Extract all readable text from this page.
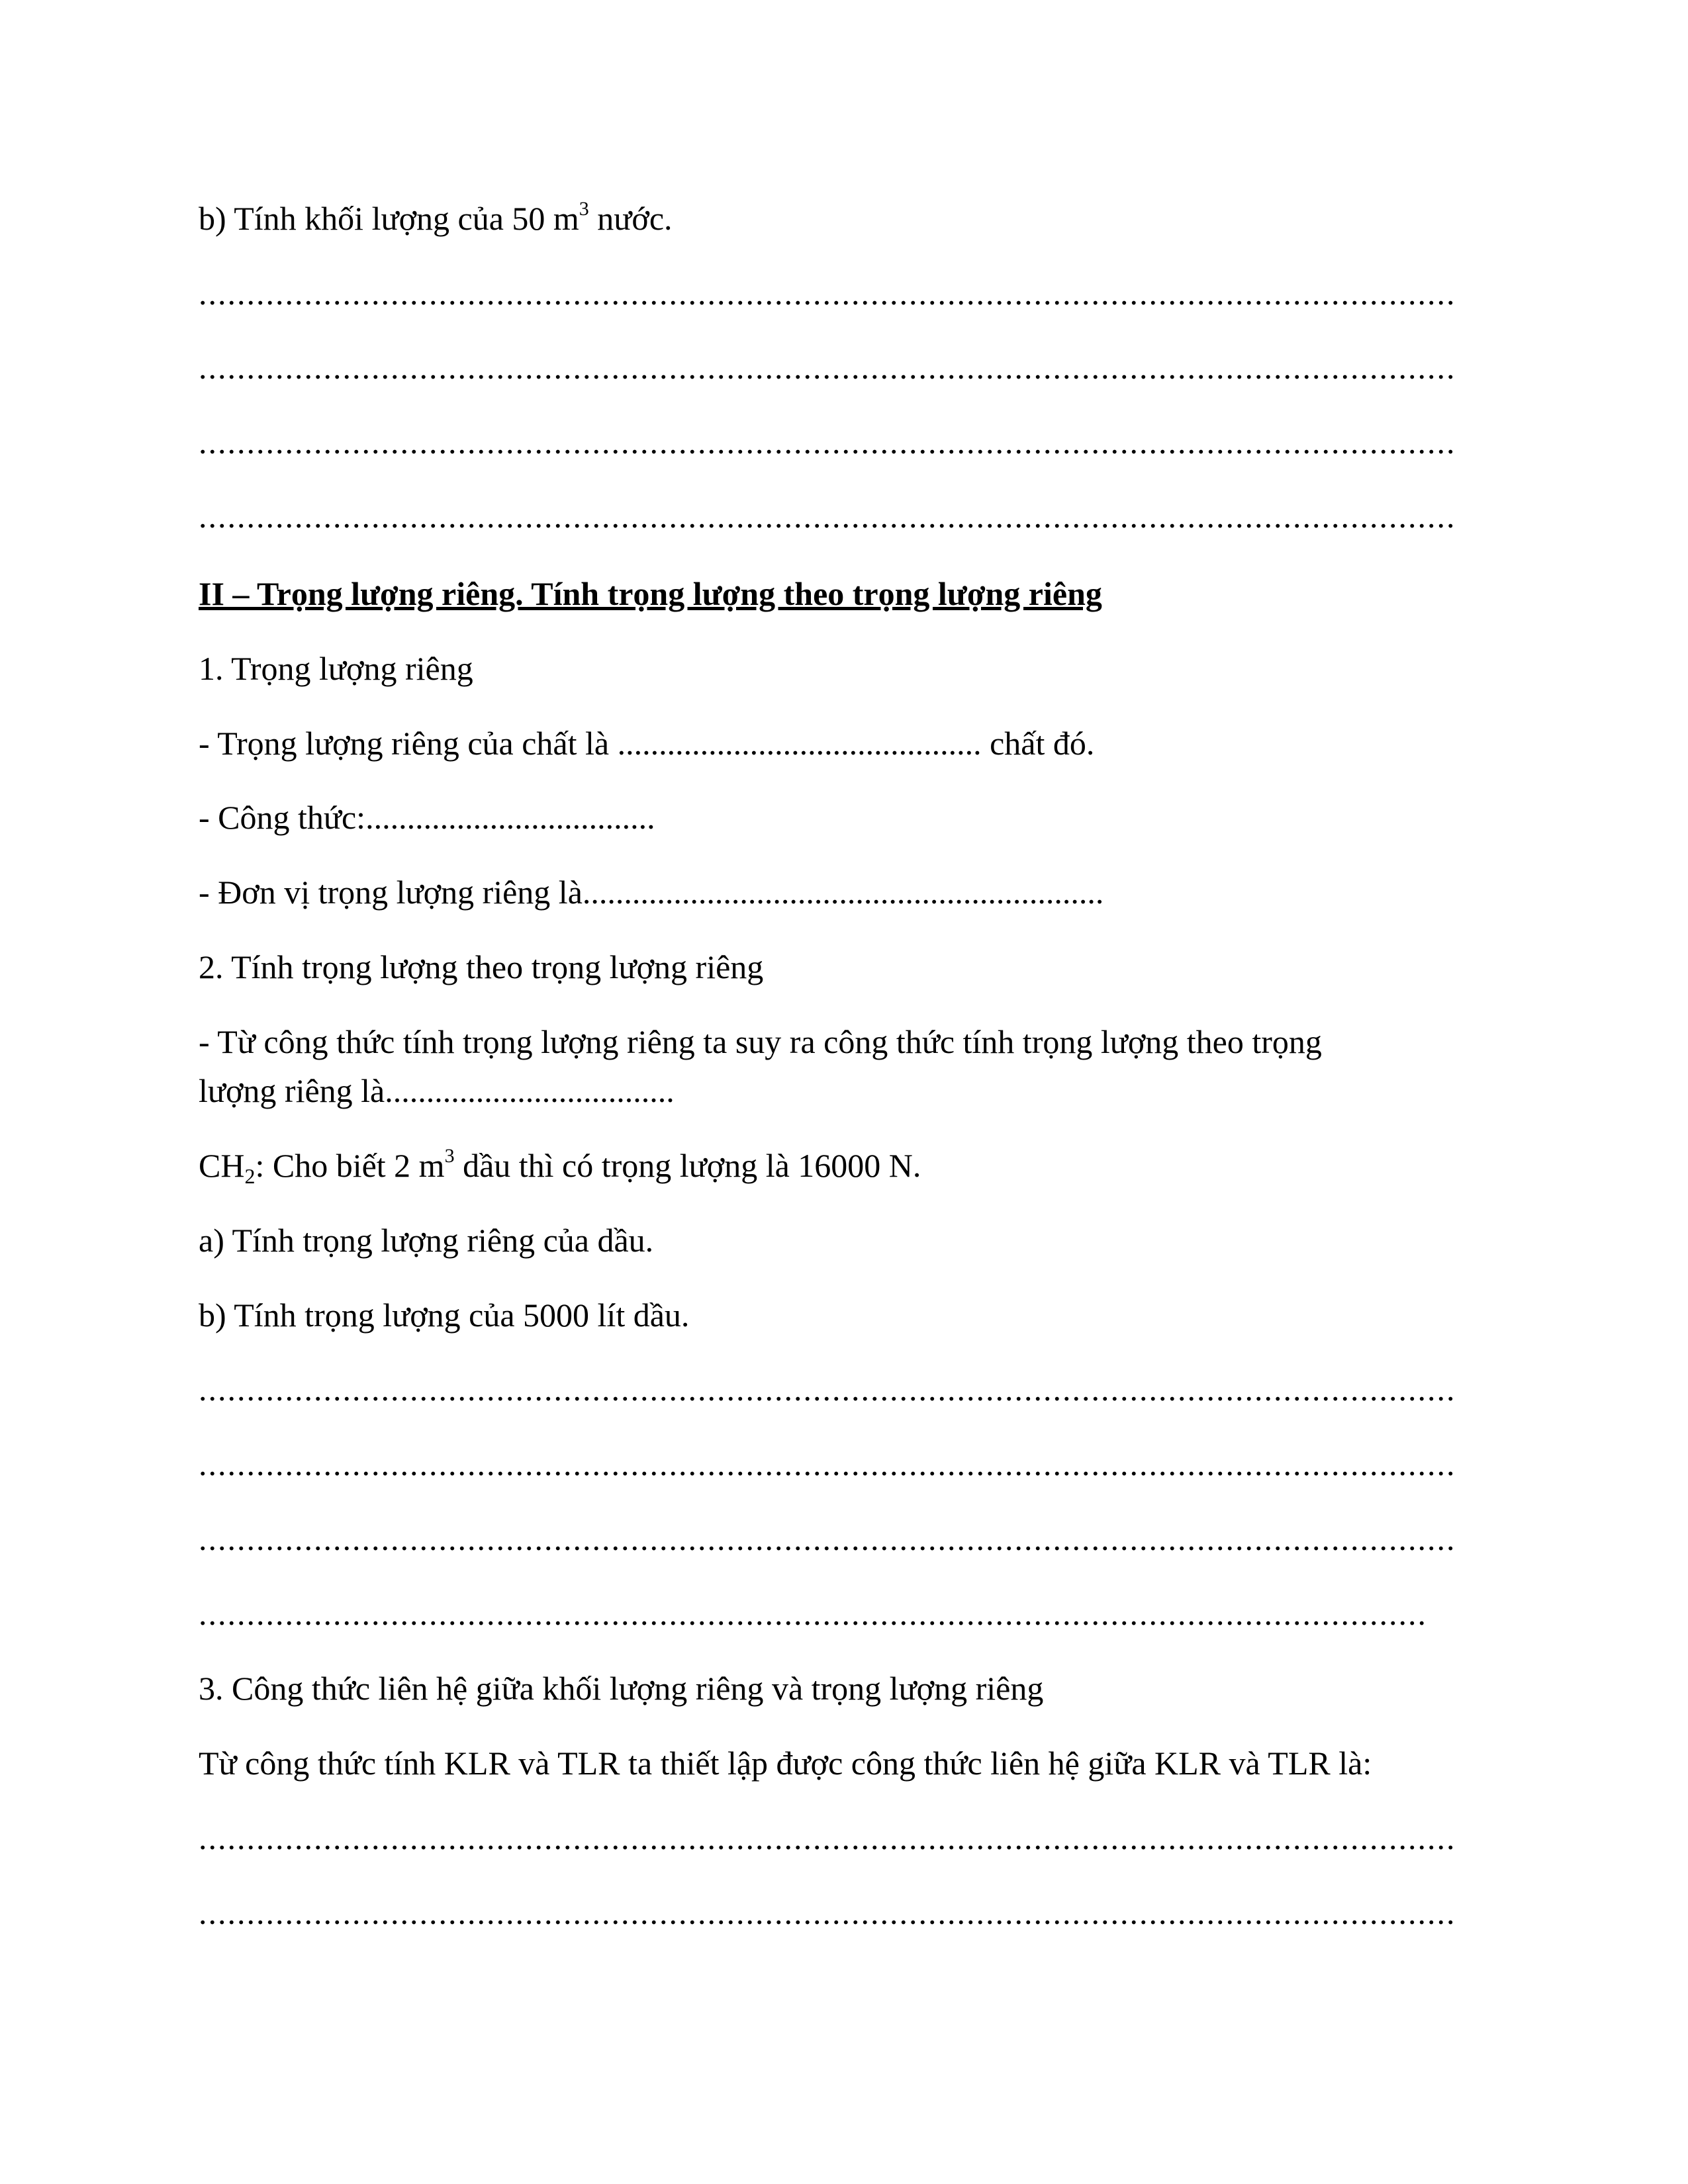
b) Tính khối lượng của 50 $m^3$ nước.
...................................................................................................................................
...................................................................................................................................
...................................................................................................................................
...................................................................................................................................
II – Trọng lượng riêng. Tính trọng lượng theo trọng lượng riêng
1. Trọng lượng riêng
- Trọng lượng riêng của chất là ............................................ chất đó.
- Công thức:...................................
- Đơn vị trọng lượng riêng là...............................................................
2. Tính trọng lượng theo trọng lượng riêng
- Từ công thức tính trọng lượng riêng ta suy ra công thức tính trọng lượng theo trọng
lượng riêng là...................................
$CH_2$: Cho biết 2 $m^3$ dầu thì có trọng lượng là 16000 N.
a) Tính trọng lượng riêng của dầu.
b) Tính trọng lượng của 5000 lít dầu.
...................................................................................................................................
...................................................................................................................................
...................................................................................................................................
................................................................................................................................
3. Công thức liên hệ giữa khối lượng riêng và trọng lượng riêng
Từ công thức tính KLR và TLR ta thiết lập được công thức liên hệ giữa KLR và TLR là:
...................................................................................................................................
...................................................................................................................................
